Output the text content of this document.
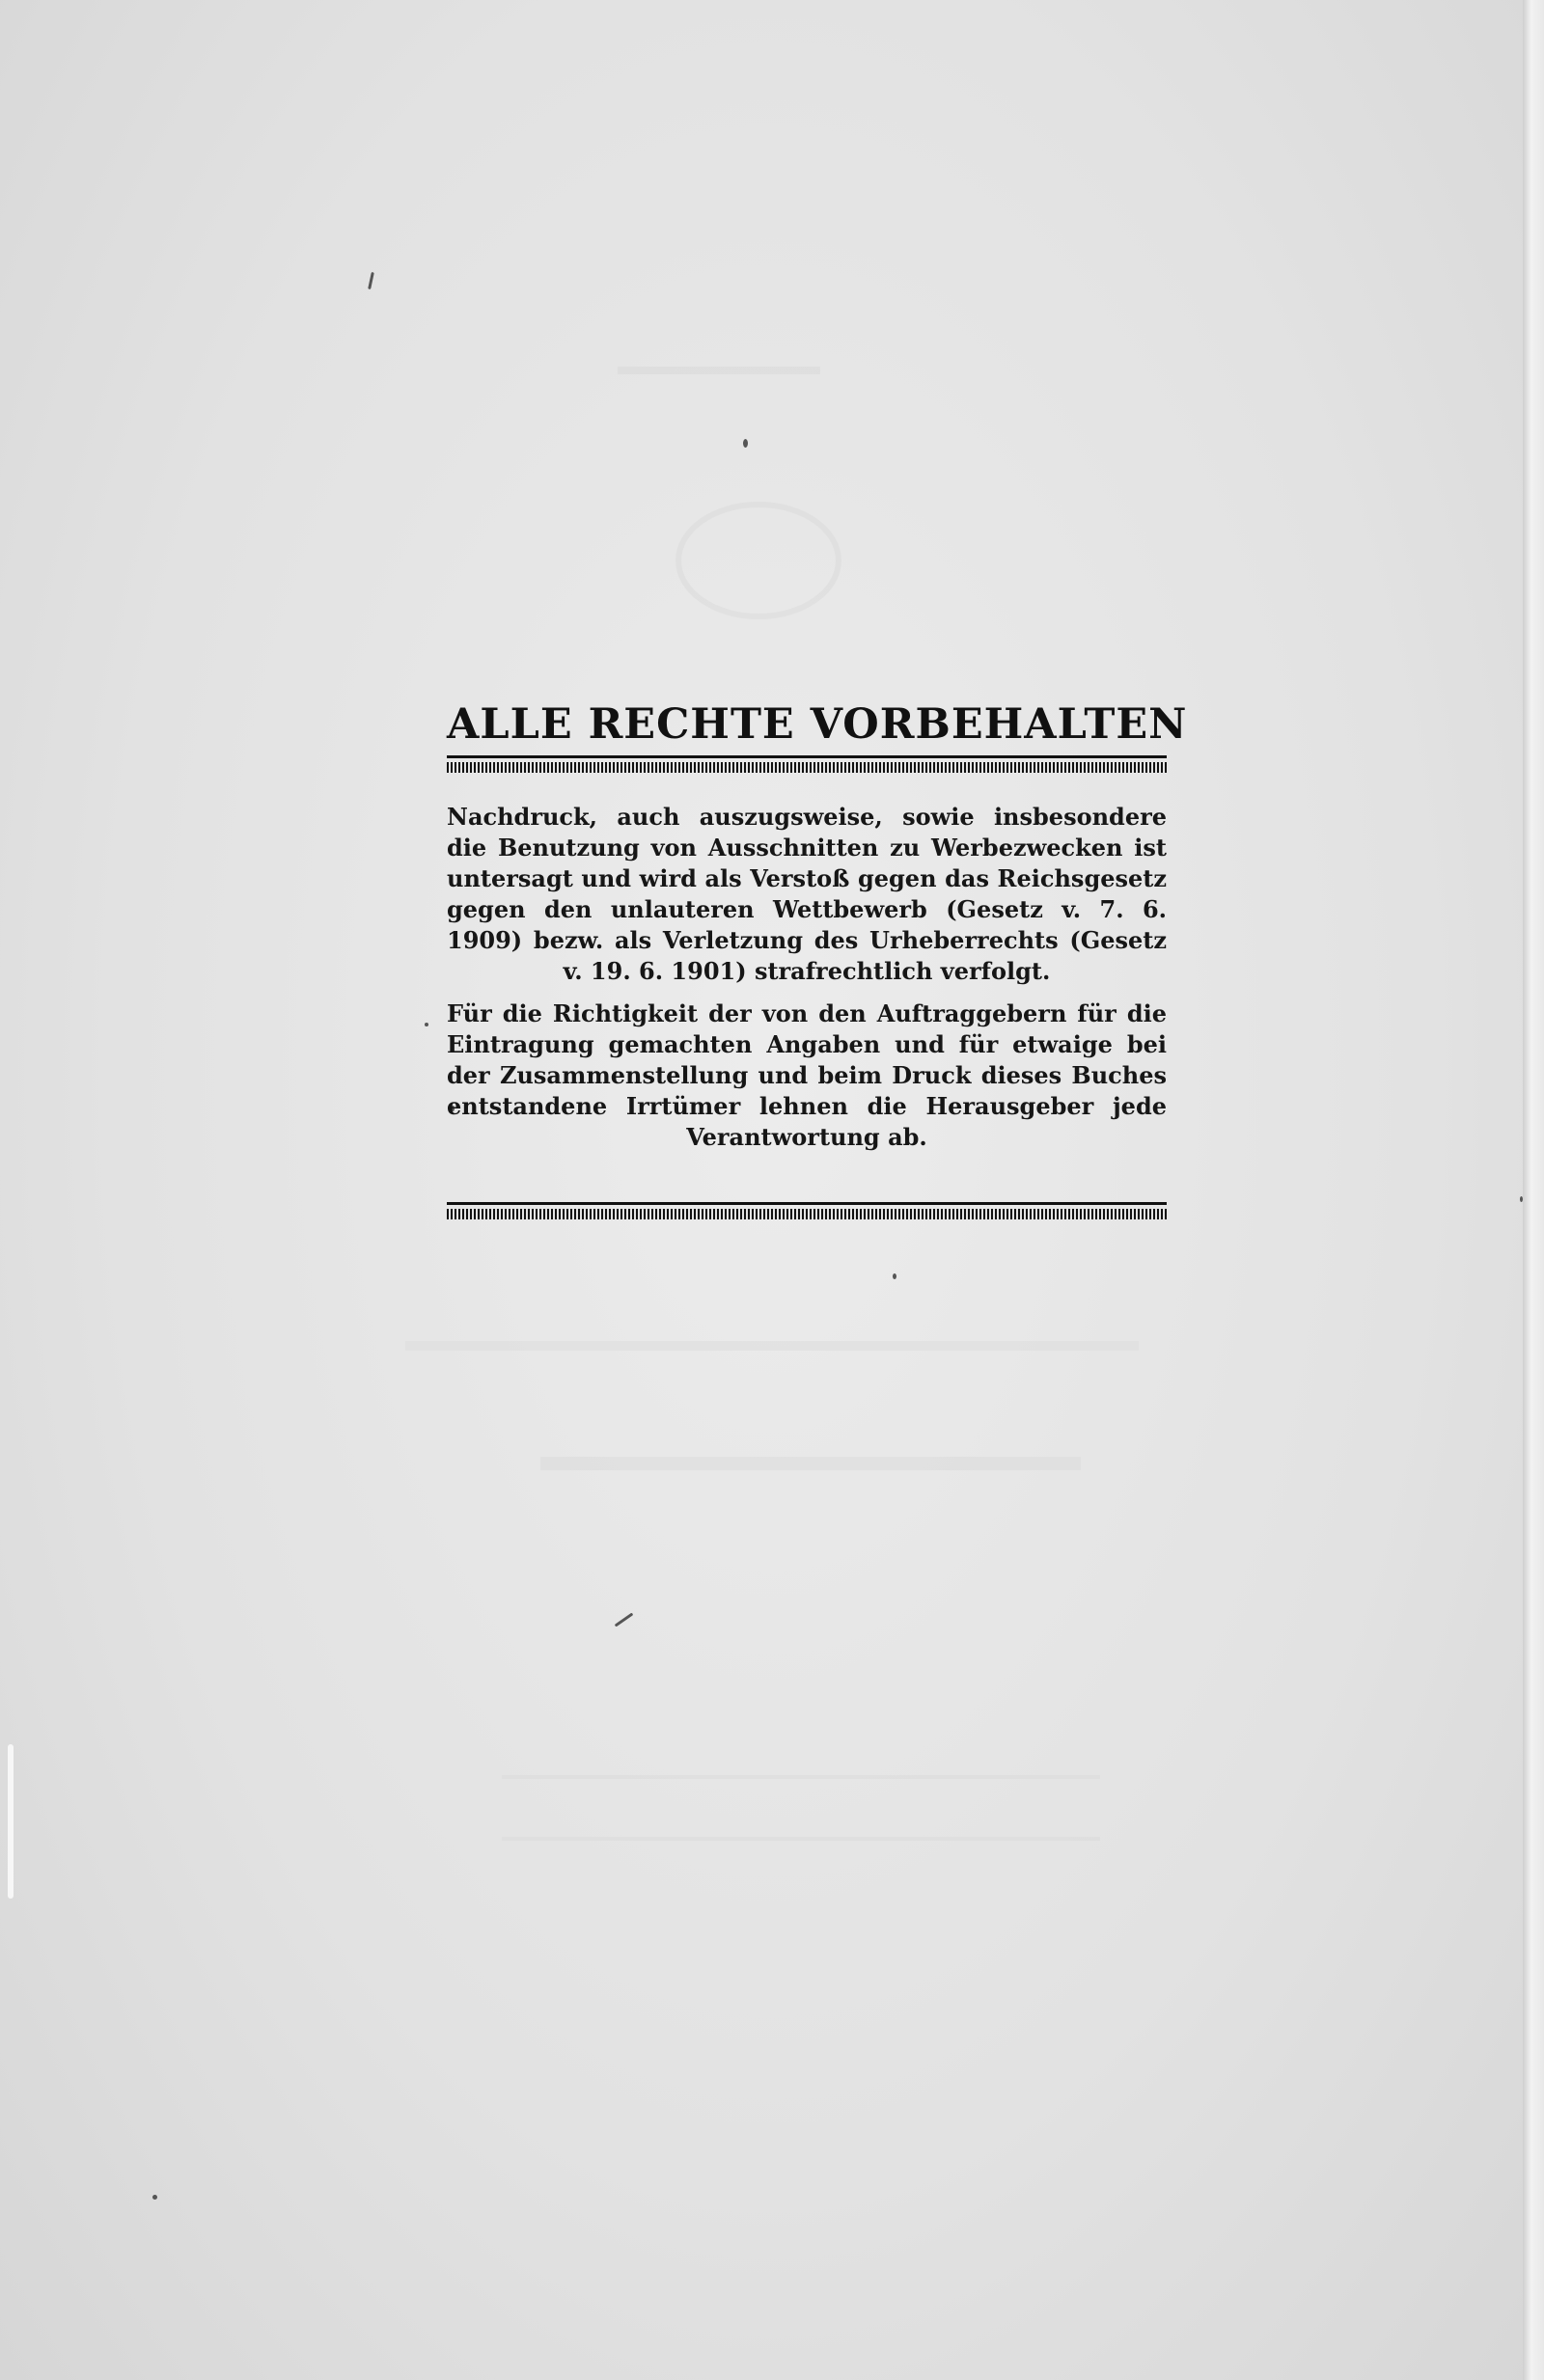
ALLE RECHTE VORBEHALTEN

Nachdruck, auch auszugsweise, sowie insbesondere die Benutzung von Ausschnitten zu Werbezwecken ist untersagt und wird als Verstoß gegen das Reichsgesetz gegen den unlauteren Wettbewerb (Gesetz v. 7. 6. 1909) bezw. als Verletzung des Urheberrechts (Gesetz v. 19. 6. 1901) strafrechtlich verfolgt.

Für die Richtigkeit der von den Auftraggebern für die Eintragung gemachten Angaben und für etwaige bei der Zusammenstellung und beim Druck dieses Buches entstandene Irrtümer lehnen die Herausgeber jede Verantwortung ab.
